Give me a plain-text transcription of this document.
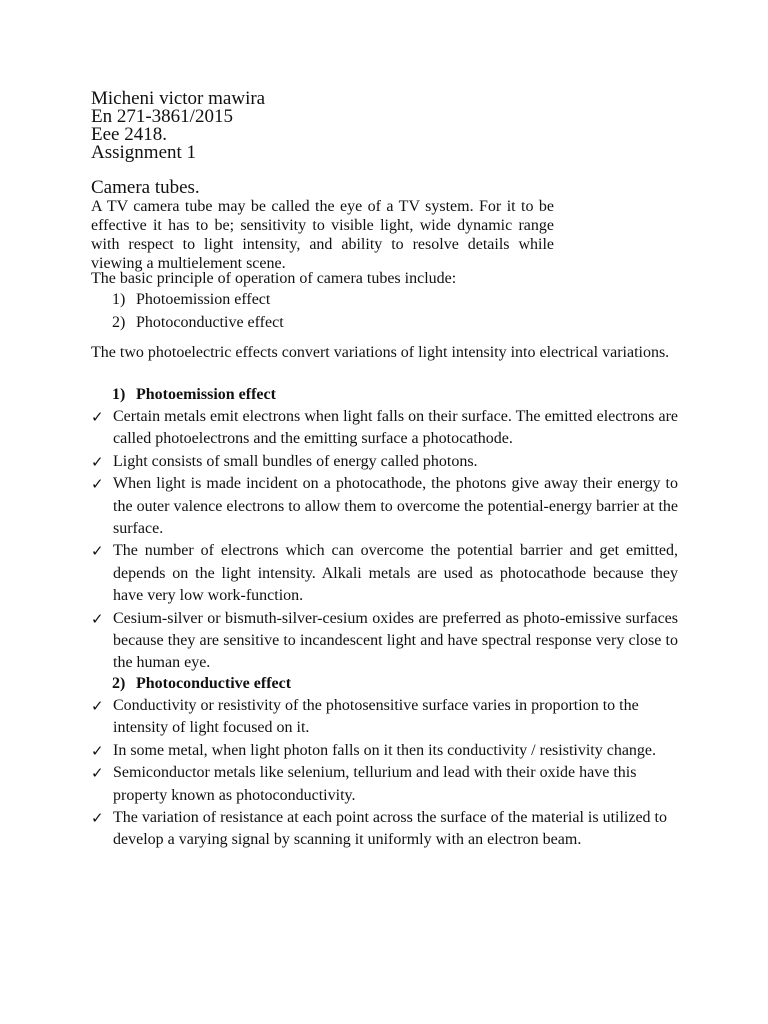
Micheni victor mawira
En 271-3861/2015
Eee 2418.
Assignment 1
Camera tubes.

A TV camera tube may be called the eye of a TV system. For it to be effective it has to be; sensitivity to visible light, wide dynamic range with respect to light intensity, and ability to resolve details while viewing a multielement scene.

The basic principle of operation of camera tubes include:
1) Photoemission effect
2) Photoconductive effect

The two photoelectric effects convert variations of light intensity into electrical variations.

1) Photoemission effect
✓ Certain metals emit electrons when light falls on their surface. The emitted electrons are called photoelectrons and the emitting surface a photocathode.
✓ Light consists of small bundles of energy called photons.
✓ When light is made incident on a photocathode, the photons give away their energy to the outer valence electrons to allow them to overcome the potential-energy barrier at the surface.
✓ The number of electrons which can overcome the potential barrier and get emitted, depends on the light intensity. Alkali metals are used as photocathode because they have very low work-function.
✓ Cesium-silver or bismuth-silver-cesium oxides are preferred as photo-emissive surfaces because they are sensitive to incandescent light and have spectral response very close to the human eye.
2) Photoconductive effect
✓ Conductivity or resistivity of the photosensitive surface varies in proportion to the intensity of light focused on it.
✓ In some metal, when light photon falls on it then its conductivity / resistivity change.
✓ Semiconductor metals like selenium, tellurium and lead with their oxide have this property known as photoconductivity.
✓ The variation of resistance at each point across the surface of the material is utilized to develop a varying signal by scanning it uniformly with an electron beam.
